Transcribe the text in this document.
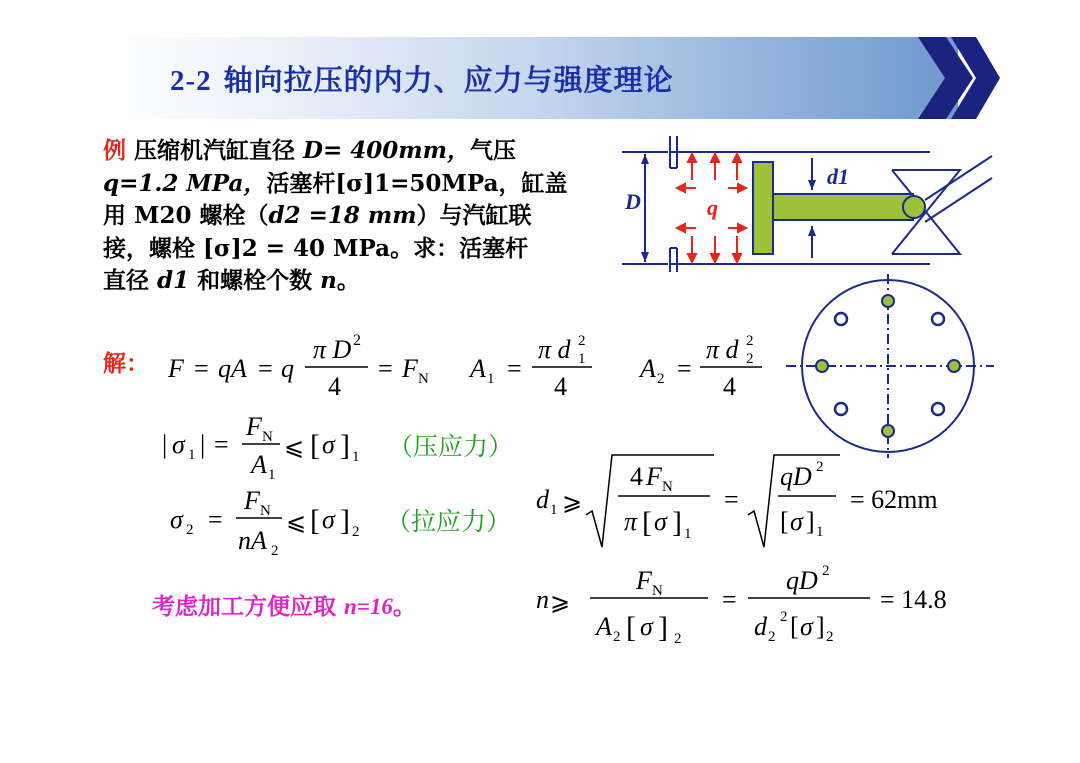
2-2 轴向拉压的内力、应力与强度理论
例 压缩机汽缸直径 D= 400mm，气压
q=1.2 MPa，活塞杆[σ]1=50MPa，缸盖
用 M20 螺栓（d2 =18 mm）与汽缸联
接，螺栓 [σ]2 = 40 MPa。求：活塞杆
直径 d1 和螺栓个数 n。
D	q
d1
解： F = qA = q
π D 2
4
= F N A 1 =
π d 1
2
4
A 2 =
π d 2
2
4
| σ 1 | =
F N
A 1
⩽ [ σ ] 1
σ 2 =
F N
nA 2
⩽ [ σ ] 2
d 1 ⩾
4 F N
π [ σ ] 1
=
qD 2
[ σ ] 1
= 62mm
n ⩾
F N
A 2 [ σ ] 2
=
qD 2
d 2
2 [ σ ] 2
= 14.8
（压应力）
（拉应力）
考虑加工方便应取 n=16。
